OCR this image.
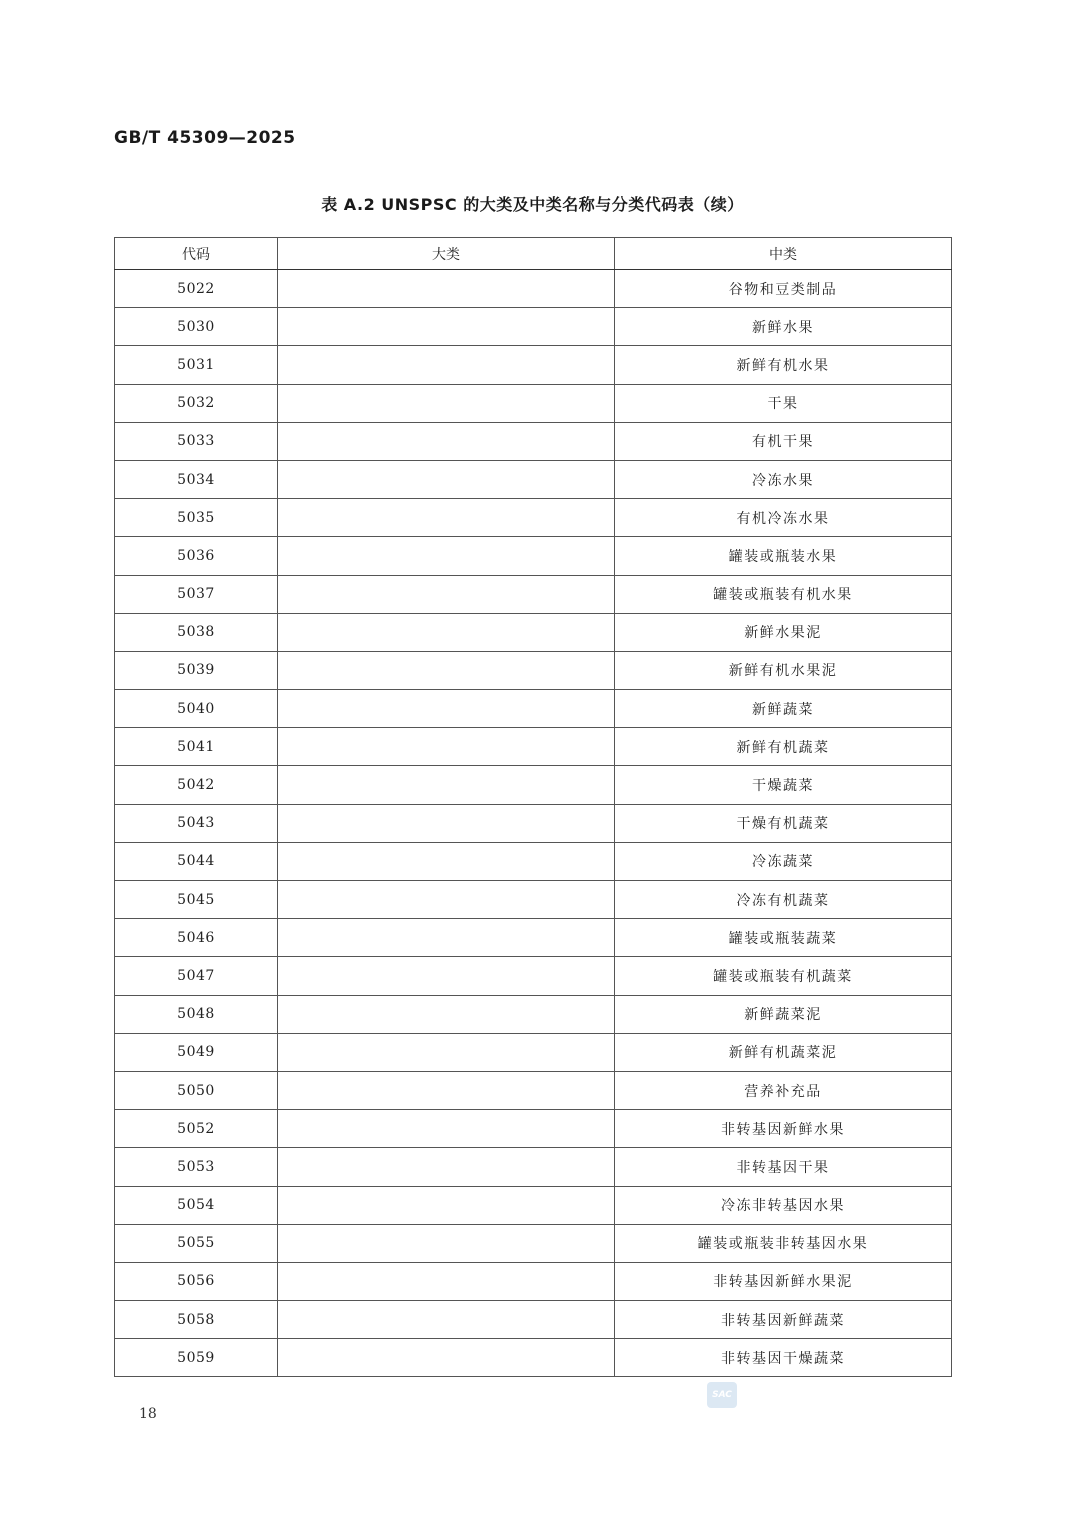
GB/T 45309—2025
表 A.2 UNSPSC 的大类及中类名称与分类代码表（续）
代码	大类	中类
5022		谷物和豆类制品
5030		新鲜水果
5031		新鲜有机水果
5032		干果
5033		有机干果
5034		冷冻水果
5035		有机冷冻水果
5036		罐装或瓶装水果
5037		罐装或瓶装有机水果
5038		新鲜水果泥
5039		新鲜有机水果泥
5040		新鲜蔬菜
5041		新鲜有机蔬菜
5042		干燥蔬菜
5043		干燥有机蔬菜
5044		冷冻蔬菜
5045		冷冻有机蔬菜
5046		罐装或瓶装蔬菜
5047		罐装或瓶装有机蔬菜
5048		新鲜蔬菜泥
5049		新鲜有机蔬菜泥
5050		营养补充品
5052		非转基因新鲜水果
5053		非转基因干果
5054		冷冻非转基因水果
5055		罐装或瓶装非转基因水果
5056		非转基因新鲜水果泥
5058		非转基因新鲜蔬菜
5059		非转基因干燥蔬菜
18
SAC
